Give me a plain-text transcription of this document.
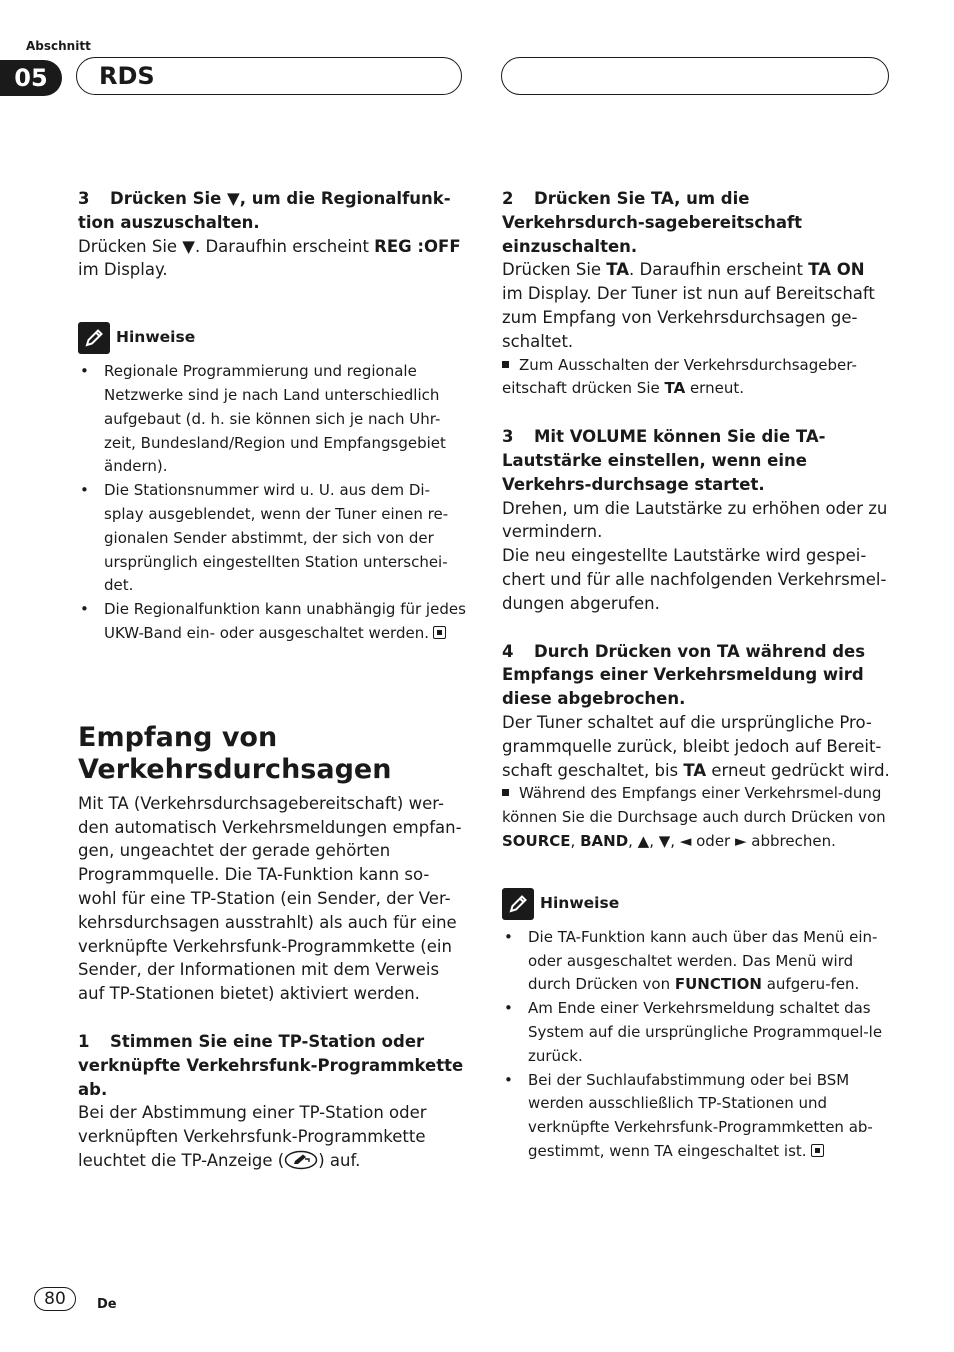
Abschnitt
05	RDS

3 Drücken Sie ▼, um die Regionalfunk-tion auszuschalten.

Drücken Sie ▼. Daraufhin erscheint REG :OFF im Display.

Hinweise
• Regionale Programmierung und regionale Netzwerke sind je nach Land unterschiedlich aufgebaut (d. h. sie können sich je nach Uhr-zeit, Bundesland/Region und Empfangsgebiet ändern).
• Die Stationsnummer wird u. U. aus dem Di-splay ausgeblendet, wenn der Tuner einen re-gionalen Sender abstimmt, der sich von der ursprünglich eingestellten Station unterschei-det.
• Die Regionalfunktion kann unabhängig für jedes UKW-Band ein- oder ausgeschaltet werden.
Empfang von Verkehrsdurchsagen

Mit TA (Verkehrsdurchsagebereitschaft) wer-den automatisch Verkehrsmeldungen empfan-gen, ungeachtet der gerade gehörten Programmquelle. Die TA-Funktion kann so-wohl für eine TP-Station (ein Sender, der Ver-kehrsdurchsagen ausstrahlt) als auch für eine verknüpfte Verkehrsfunk-Programmkette (ein Sender, der Informationen mit dem Verweis auf TP-Stationen bietet) aktiviert werden.

1 Stimmen Sie eine TP-Station oder verknüpfte Verkehrsfunk-Programmkette ab.

Bei der Abstimmung einer TP-Station oder verknüpften Verkehrsfunk-Programmkette leuchtet die TP-Anzeige ( ) auf.

2 Drücken Sie TA, um die Verkehrsdurch-sagebereitschaft einzuschalten.

Drücken Sie TA. Daraufhin erscheint TA ON im Display. Der Tuner ist nun auf Bereitschaft zum Empfang von Verkehrsdurchsagen ge-schaltet.

Zum Ausschalten der Verkehrsdurchsageber-eitschaft drücken Sie TA erneut.

3 Mit VOLUME können Sie die TA-Lautstärke einstellen, wenn eine Verkehrs-durchsage startet.

Drehen, um die Lautstärke zu erhöhen oder zu vermindern.

Die neu eingestellte Lautstärke wird gespei-chert und für alle nachfolgenden Verkehrsmel-dungen abgerufen.

4 Durch Drücken von TA während des Empfangs einer Verkehrsmeldung wird diese abgebrochen.

Der Tuner schaltet auf die ursprüngliche Pro-grammquelle zurück, bleibt jedoch auf Bereit-schaft geschaltet, bis TA erneut gedrückt wird.

Während des Empfangs einer Verkehrsmel-dung können Sie die Durchsage auch durch Drücken von SOURCE, BAND, ▲, ▼, ◄ oder ► abbrechen.

Hinweise
• Die TA-Funktion kann auch über das Menü ein- oder ausgeschaltet werden. Das Menü wird durch Drücken von FUNCTION aufgeru-fen.
• Am Ende einer Verkehrsmeldung schaltet das System auf die ursprüngliche Programmquel-le zurück.
• Bei der Suchlaufabstimmung oder bei BSM werden ausschließlich TP-Stationen und verknüpfte Verkehrsfunk-Programmketten ab-gestimmt, wenn TA eingeschaltet ist.
80	De
